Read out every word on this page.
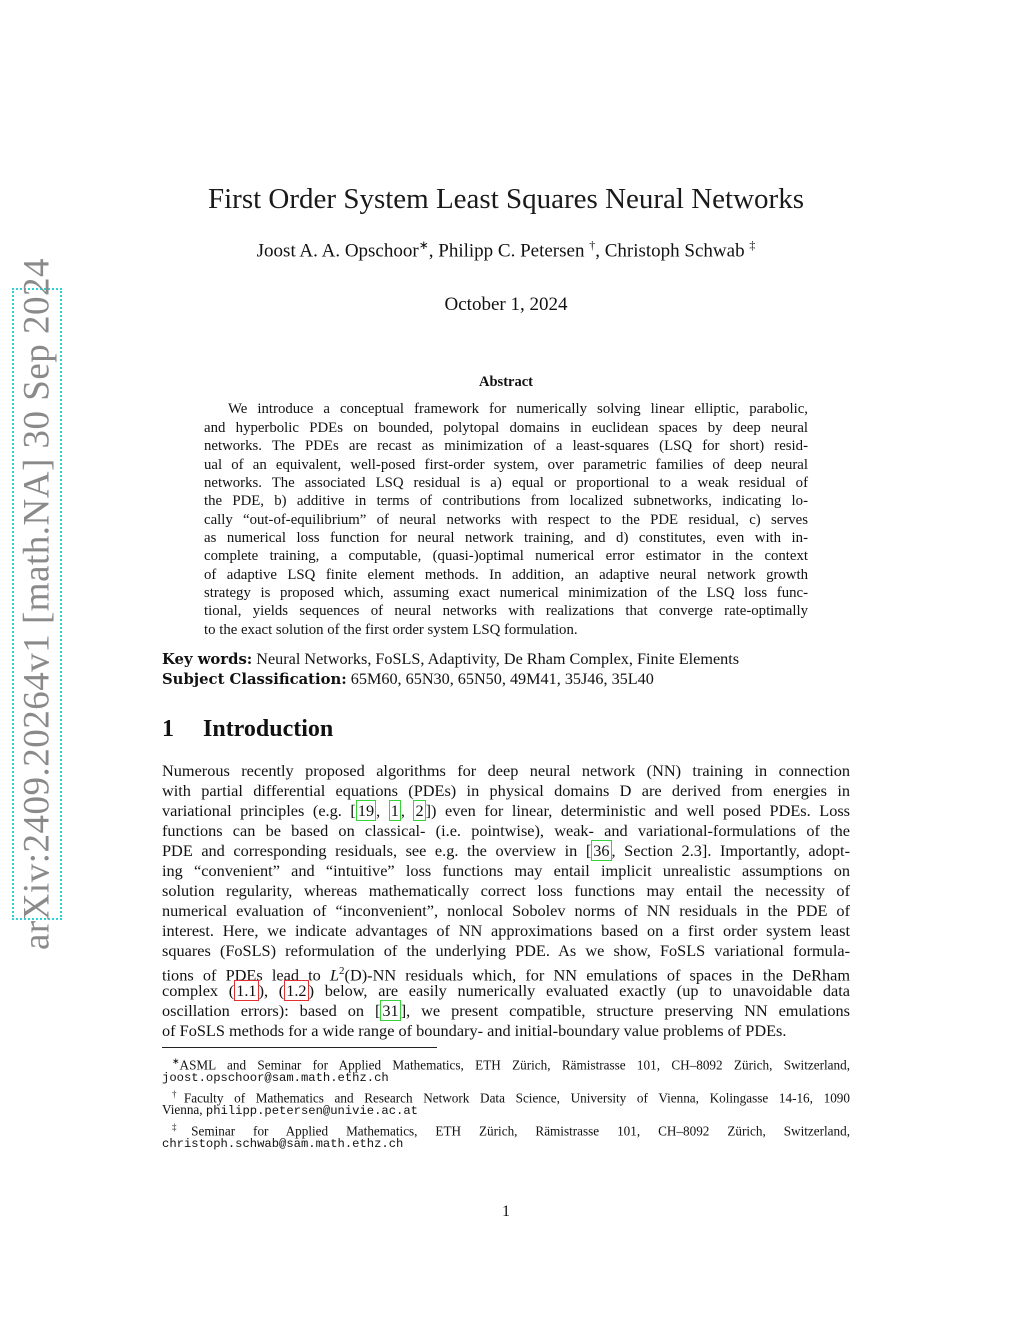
arXiv:2409.20264v1 [math.NA] 30 Sep 2024
First Order System Least Squares Neural Networks
Joost A. A. Opschoor∗, Philipp C. Petersen †, Christoph Schwab ‡
October 1, 2024
Abstract
We introduce a conceptual framework for numerically solving linear elliptic, parabolic,
and hyperbolic PDEs on bounded, polytopal domains in euclidean spaces by deep neural
networks. The PDEs are recast as minimization of a least-squares (LSQ for short) resid-
ual of an equivalent, well-posed first-order system, over parametric families of deep neural
networks. The associated LSQ residual is a) equal or proportional to a weak residual of
the PDE, b) additive in terms of contributions from localized subnetworks, indicating lo-
cally “out-of-equilibrium” of neural networks with respect to the PDE residual, c) serves
as numerical loss function for neural network training, and d) constitutes, even with in-
complete training, a computable, (quasi-)optimal numerical error estimator in the context
of adaptive LSQ finite element methods. In addition, an adaptive neural network growth
strategy is proposed which, assuming exact numerical minimization of the LSQ loss func-
tional, yields sequences of neural networks with realizations that converge rate-optimally
to the exact solution of the first order system LSQ formulation.
Key words: Neural Networks, FoSLS, Adaptivity, De Rham Complex, Finite Elements
Subject Classification: 65M60, 65N30, 65N50, 49M41, 35J46, 35L40
1 Introduction
Numerous recently proposed algorithms for deep neural network (NN) training in connection
with partial differential equations (PDEs) in physical domains D are derived from energies in
variational principles (e.g. [ 19 , 1 , 2 ]) even for linear, deterministic and well posed PDEs. Loss
functions can be based on classical- (i.e. pointwise), weak- and variational-formulations of the
PDE and corresponding residuals, see e.g. the overview in [ 36 , Section 2.3]. Importantly, adopt-
ing “convenient” and “intuitive” loss functions may entail implicit unrealistic assumptions on
solution regularity, whereas mathematically correct loss functions may entail the necessity of
numerical evaluation of “inconvenient”, nonlocal Sobolev norms of NN residuals in the PDE of
interest. Here, we indicate advantages of NN approximations based on a first order system least
squares (FoSLS) reformulation of the underlying PDE. As we show, FoSLS variational formula-
tions of PDEs lead to $L^2(D)-NN$ residuals which, for NN emulations of spaces in the DeRham
complex ( 1.1 ), ( 1.2 ) below, are easily numerically evaluated exactly (up to unavoidable data
oscillation errors): based on [ 31 ], we present compatible, structure preserving NN emulations
of FoSLS methods for a wide range of boundary- and initial-boundary value problems of PDEs.
∗ASML and Seminar for Applied Mathematics, ETH Zürich, Rämistrasse 101, CH–8092 Zürich, Switzerland,
joost.opschoor@sam.math.ethz.ch
†Faculty of Mathematics and Research Network Data Science, University of Vienna, Kolingasse 14-16, 1090
Vienna, philipp.petersen@univie.ac.at
‡Seminar for Applied Mathematics, ETH Zürich, Rämistrasse 101, CH–8092 Zürich, Switzerland,
christoph.schwab@sam.math.ethz.ch
1
